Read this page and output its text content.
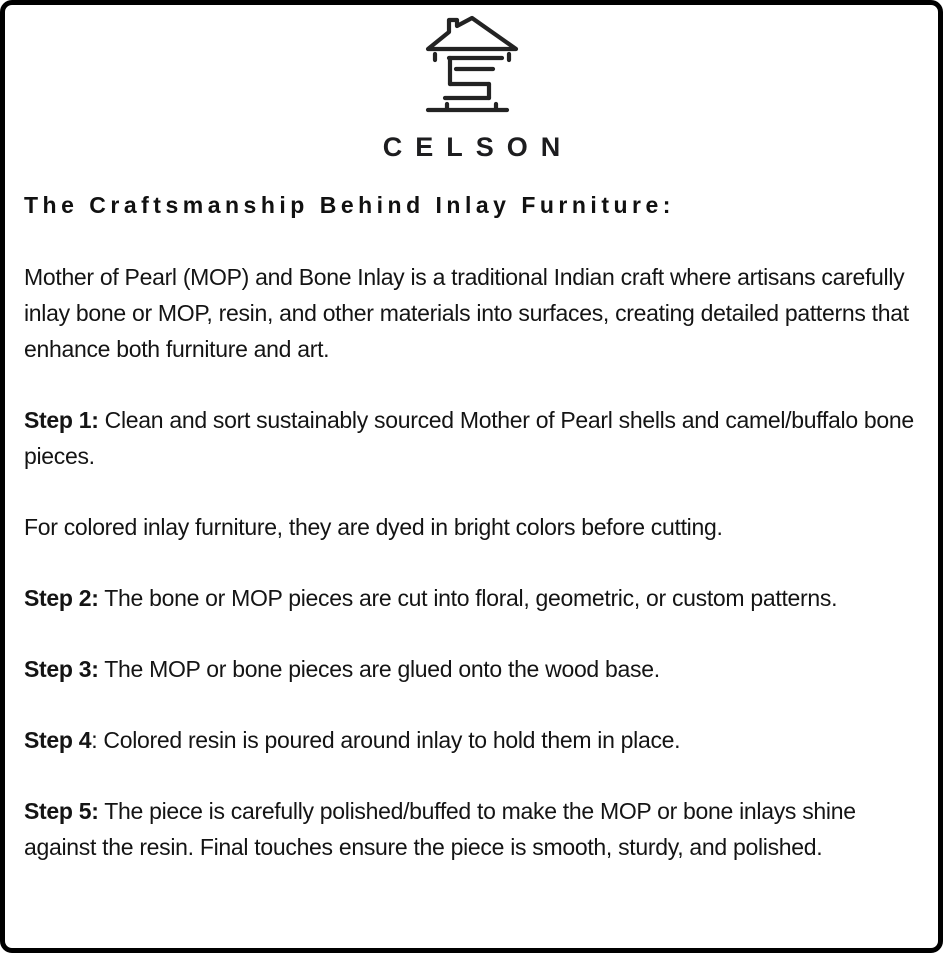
CELSON
The Craftsmanship Behind Inlay Furniture:

Mother of Pearl (MOP) and Bone Inlay is a traditional Indian craft where artisans carefully inlay bone or MOP, resin, and other materials into surfaces, creating detailed patterns that enhance both furniture and art.

Step 1: Clean and sort sustainably sourced Mother of Pearl shells and camel/buffalo bone pieces.

For colored inlay furniture, they are dyed in bright colors before cutting.

Step 2: The bone or MOP pieces are cut into floral, geometric, or custom patterns.

Step 3: The MOP or bone pieces are glued onto the wood base.

Step 4: Colored resin is poured around inlay to hold them in place.

Step 5: The piece is carefully polished/buffed to make the MOP or bone inlays shine against the resin. Final touches ensure the piece is smooth, sturdy, and polished.
